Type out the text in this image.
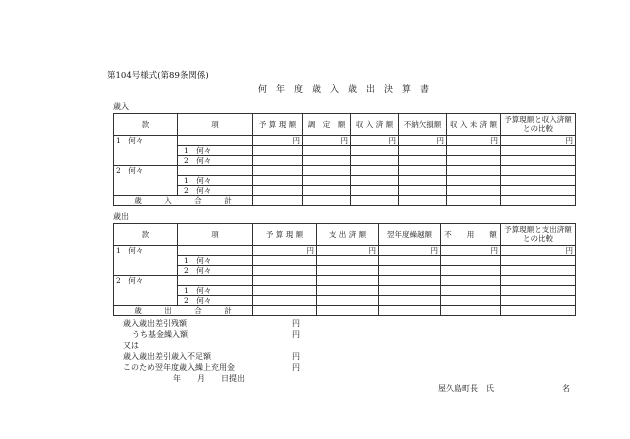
第104号様式(第89条関係)
何　年　度　歳　入　歳　出　決　算　書
歳入
款	項	予 算 現 額	調　定　額	収 入 済 額	不納欠損額	収 入 未 済 額	予算現額と収入済額との比較
1　何々		円	円	円	円	円	円
	1　何々						
	2　何々						
2　何々							
	1　何々						
	2　何々						
歳　　　入　　　合　　　計							
歳出
款	項	予 算 現 額	支 出 済 額	翌年度繰越額	不　　用　　額	予算現額と支出済額との比較
1　何々		円	円	円	円	円
	1　何々					
	2　何々					
2　何々						
	1　何々					
	2　何々					
歳　　　出　　　合　　　計						
歳入歳出差引残額	円
うち基金繰入額	円
又は
歳入歳出差引歳入不足額	円
このため翌年度歳入繰上充用金	円
年　　月　　日提出
屋久島町長　氏	名
